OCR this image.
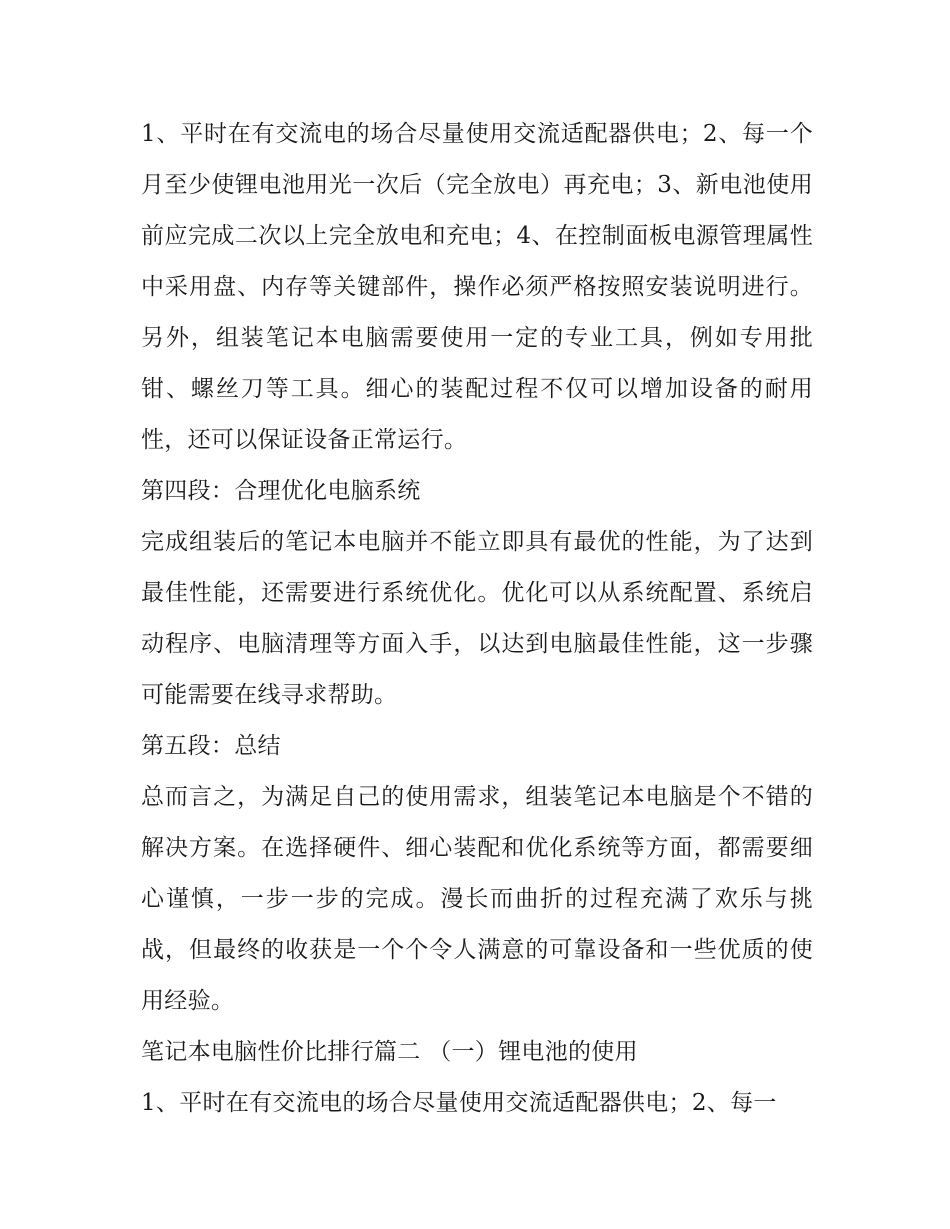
1、平时在有交流电的场合尽量使用交流适配器供电；2、每一个月至少使锂电池用光一次后（完全放电）再充电；3、新电池使用前应完成二次以上完全放电和充电；4、在控制面板电源管理属性中采用盘、内存等关键部件，操作必须严格按照安装说明进行。另外，组装笔记本电脑需要使用一定的专业工具，例如专用批钳、螺丝刀等工具。细心的装配过程不仅可以增加设备的耐用性，还可以保证设备正常运行。

第四段：合理优化电脑系统

完成组装后的笔记本电脑并不能立即具有最优的性能，为了达到最佳性能，还需要进行系统优化。优化可以从系统配置、系统启动程序、电脑清理等方面入手，以达到电脑最佳性能，这一步骤可能需要在线寻求帮助。

第五段：总结

总而言之，为满足自己的使用需求，组装笔记本电脑是个不错的解决方案。在选择硬件、细心装配和优化系统等方面，都需要细心谨慎，一步一步的完成。漫长而曲折的过程充满了欢乐与挑战，但最终的收获是一个个令人满意的可靠设备和一些优质的使用经验。

笔记本电脑性价比排行篇二 （一）锂电池的使用

1、平时在有交流电的场合尽量使用交流适配器供电；2、每一
